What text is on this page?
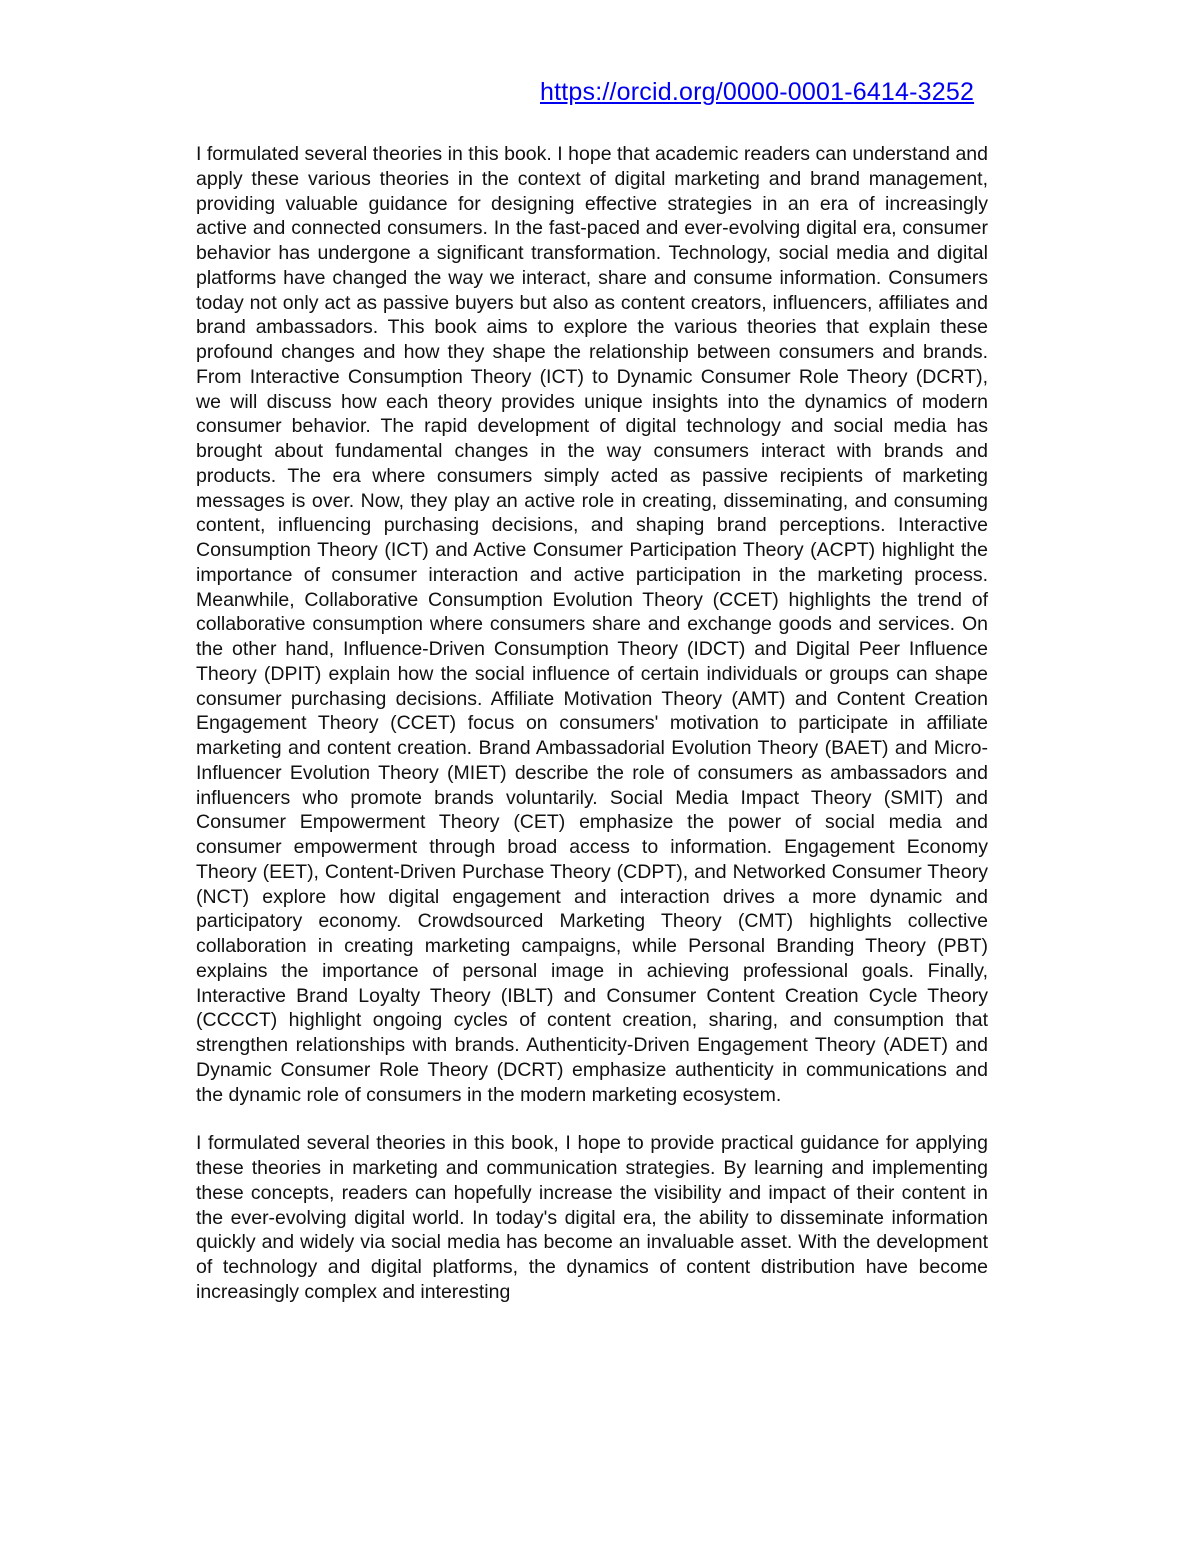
https://orcid.org/0000-0001-6414-3252

I formulated several theories in this book. I hope that academic readers can understand and apply these various theories in the context of digital marketing and brand management, providing valuable guidance for designing effective strategies in an era of increasingly active and connected consumers. In the fast-paced and ever-evolving digital era, consumer behavior has undergone a significant transformation. Technology, social media and digital platforms have changed the way we interact, share and consume information. Consumers today not only act as passive buyers but also as content creators, influencers, affiliates and brand ambassadors. This book aims to explore the various theories that explain these profound changes and how they shape the relationship between consumers and brands. From Interactive Consumption Theory (ICT) to Dynamic Consumer Role Theory (DCRT), we will discuss how each theory provides unique insights into the dynamics of modern consumer behavior. The rapid development of digital technology and social media has brought about fundamental changes in the way consumers interact with brands and products. The era where consumers simply acted as passive recipients of marketing messages is over. Now, they play an active role in creating, disseminating, and consuming content, influencing purchasing decisions, and shaping brand perceptions. Interactive Consumption Theory (ICT) and Active Consumer Participation Theory (ACPT) highlight the importance of consumer interaction and active participation in the marketing process. Meanwhile, Collaborative Consumption Evolution Theory (CCET) highlights the trend of collaborative consumption where consumers share and exchange goods and services. On the other hand, Influence-Driven Consumption Theory (IDCT) and Digital Peer Influence Theory (DPIT) explain how the social influence of certain individuals or groups can shape consumer purchasing decisions. Affiliate Motivation Theory (AMT) and Content Creation Engagement Theory (CCET) focus on consumers' motivation to participate in affiliate marketing and content creation. Brand Ambassadorial Evolution Theory (BAET) and Micro-Influencer Evolution Theory (MIET) describe the role of consumers as ambassadors and influencers who promote brands voluntarily. Social Media Impact Theory (SMIT) and Consumer Empowerment Theory (CET) emphasize the power of social media and consumer empowerment through broad access to information. Engagement Economy Theory (EET), Content-Driven Purchase Theory (CDPT), and Networked Consumer Theory (NCT) explore how digital engagement and interaction drives a more dynamic and participatory economy. Crowdsourced Marketing Theory (CMT) highlights collective collaboration in creating marketing campaigns, while Personal Branding Theory (PBT) explains the importance of personal image in achieving professional goals. Finally, Interactive Brand Loyalty Theory (IBLT) and Consumer Content Creation Cycle Theory (CCCCT) highlight ongoing cycles of content creation, sharing, and consumption that strengthen relationships with brands. Authenticity-Driven Engagement Theory (ADET) and Dynamic Consumer Role Theory (DCRT) emphasize authenticity in communications and the dynamic role of consumers in the modern marketing ecosystem.

I formulated several theories in this book, I hope to provide practical guidance for applying these theories in marketing and communication strategies. By learning and implementing these concepts, readers can hopefully increase the visibility and impact of their content in the ever-evolving digital world. In today's digital era, the ability to disseminate information quickly and widely via social media has become an invaluable asset. With the development of technology and digital platforms, the dynamics of content distribution have become increasingly complex and interesting
